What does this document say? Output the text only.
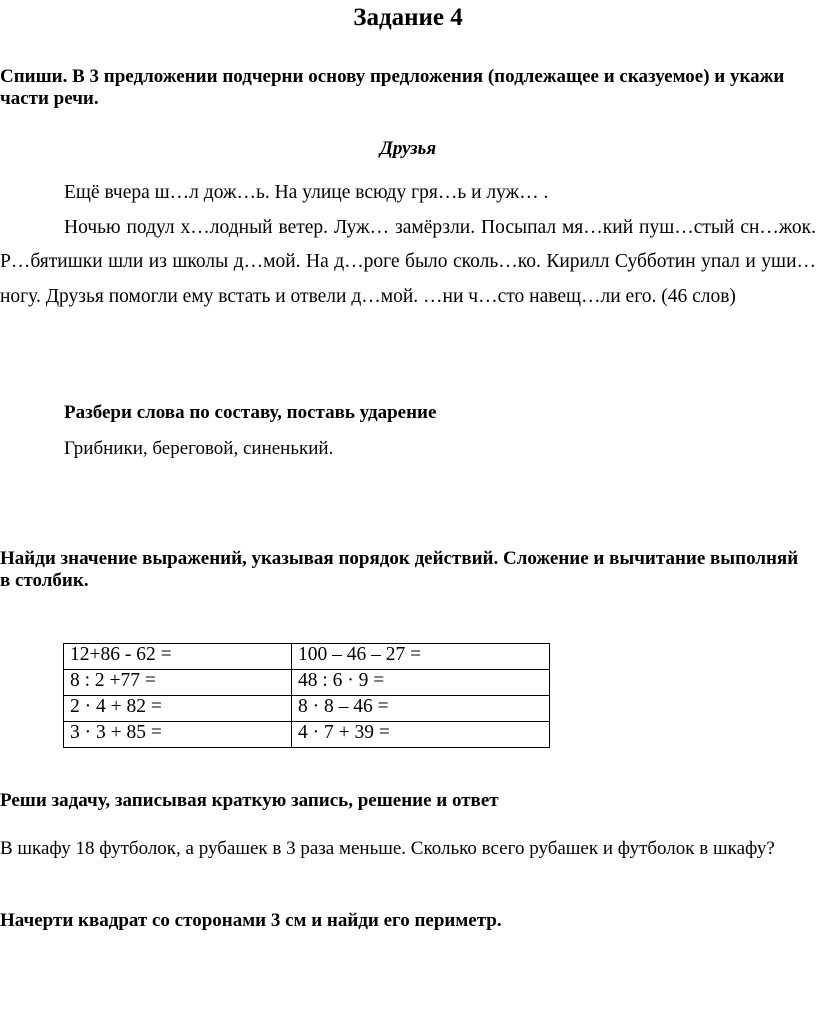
Задание 4
Спиши. В 3 предложении подчерни основу предложения (подлежащее и сказуемое) и укажи части речи.
Друзья

Ещё вчера ш…л дож…ь. На улице всюду гря…ь и луж… .

Ночью подул х…лодный ветер. Луж… замёрзли. Посыпал мя…кий пуш…стый сн…жок. Р…бятишки шли из школы д…мой. На д…роге было сколь…ко. Кирилл Субботин упал и уши… ногу. Друзья помогли ему встать и отвели д…мой. …ни ч…сто навещ…ли его. (46 слов)

Разбери слова по составу, поставь ударение
Грибники, береговой, синенький.
Найди значение выражений, указывая порядок действий. Сложение и вычитание выполняй в столбик.
12+86 - 62 =	100 – 46 – 27 =
8 : 2 +77 =	48 : 6 · 9 =
2 · 4 + 82 =	8 · 8 – 46 =
3 · 3 + 85 =	4 · 7 + 39 =
Реши задачу, записывая краткую запись, решение и ответ
В шкафу 18 футболок, а рубашек в 3 раза меньше. Сколько всего рубашек и футболок в шкафу?
Начерти квадрат со сторонами 3 см и найди его периметр.
